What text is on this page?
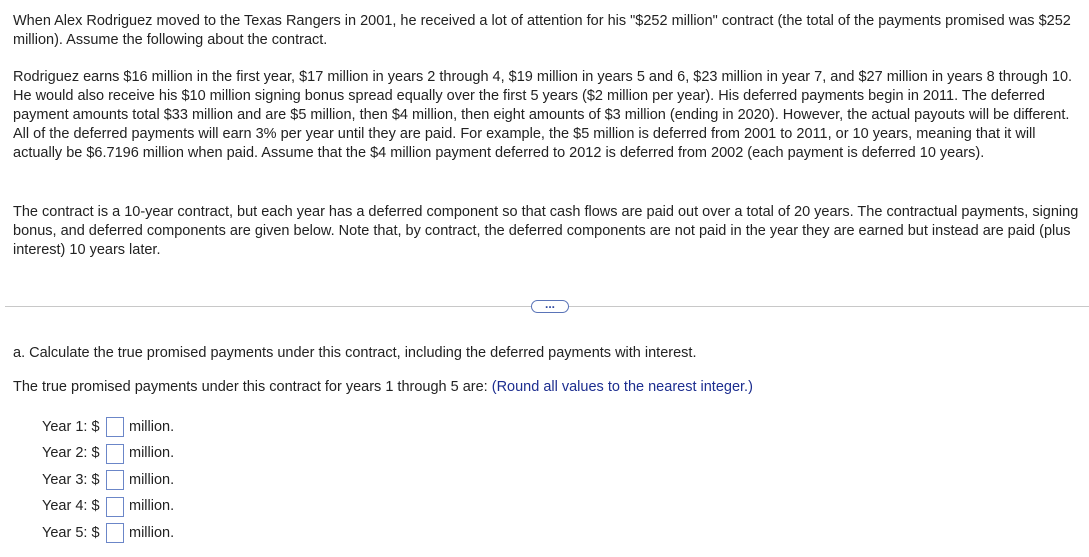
When Alex Rodriguez moved to the Texas Rangers in 2001, he received a lot of attention for his "$252 million" contract (the total of the payments promised was $252 million). Assume the following about the contract.

Rodriguez earns $16 million in the first year, $17 million in years 2 through 4, $19 million in years 5 and 6, $23 million in year 7, and $27 million in years 8 through 10. He would also receive his $10 million signing bonus spread equally over the first 5 years ($2 million per year). His deferred payments begin in 2011. The deferred payment amounts total $33 million and are $5 million, then $4 million, then eight amounts of $3 million (ending in 2020). However, the actual payouts will be different. All of the deferred payments will earn 3% per year until they are paid. For example, the $5 million is deferred from 2001 to 2011, or 10 years, meaning that it will actually be $6.7196 million when paid. Assume that the $4 million payment deferred to 2012 is deferred from 2002 (each payment is deferred 10 years).

The contract is a 10-year contract, but each year has a deferred component so that cash flows are paid out over a total of 20 years. The contractual payments, signing bonus, and deferred components are given below. Note that, by contract, the deferred components are not paid in the year they are earned but instead are paid (plus interest) 10 years later.

...

a. Calculate the true promised payments under this contract, including the deferred payments with interest.

The true promised payments under this contract for years 1 through 5 are: (Round all values to the nearest integer.)

Year 1: $	million.
Year 2: $	million.
Year 3: $	million.
Year 4: $	million.
Year 5: $	million.
